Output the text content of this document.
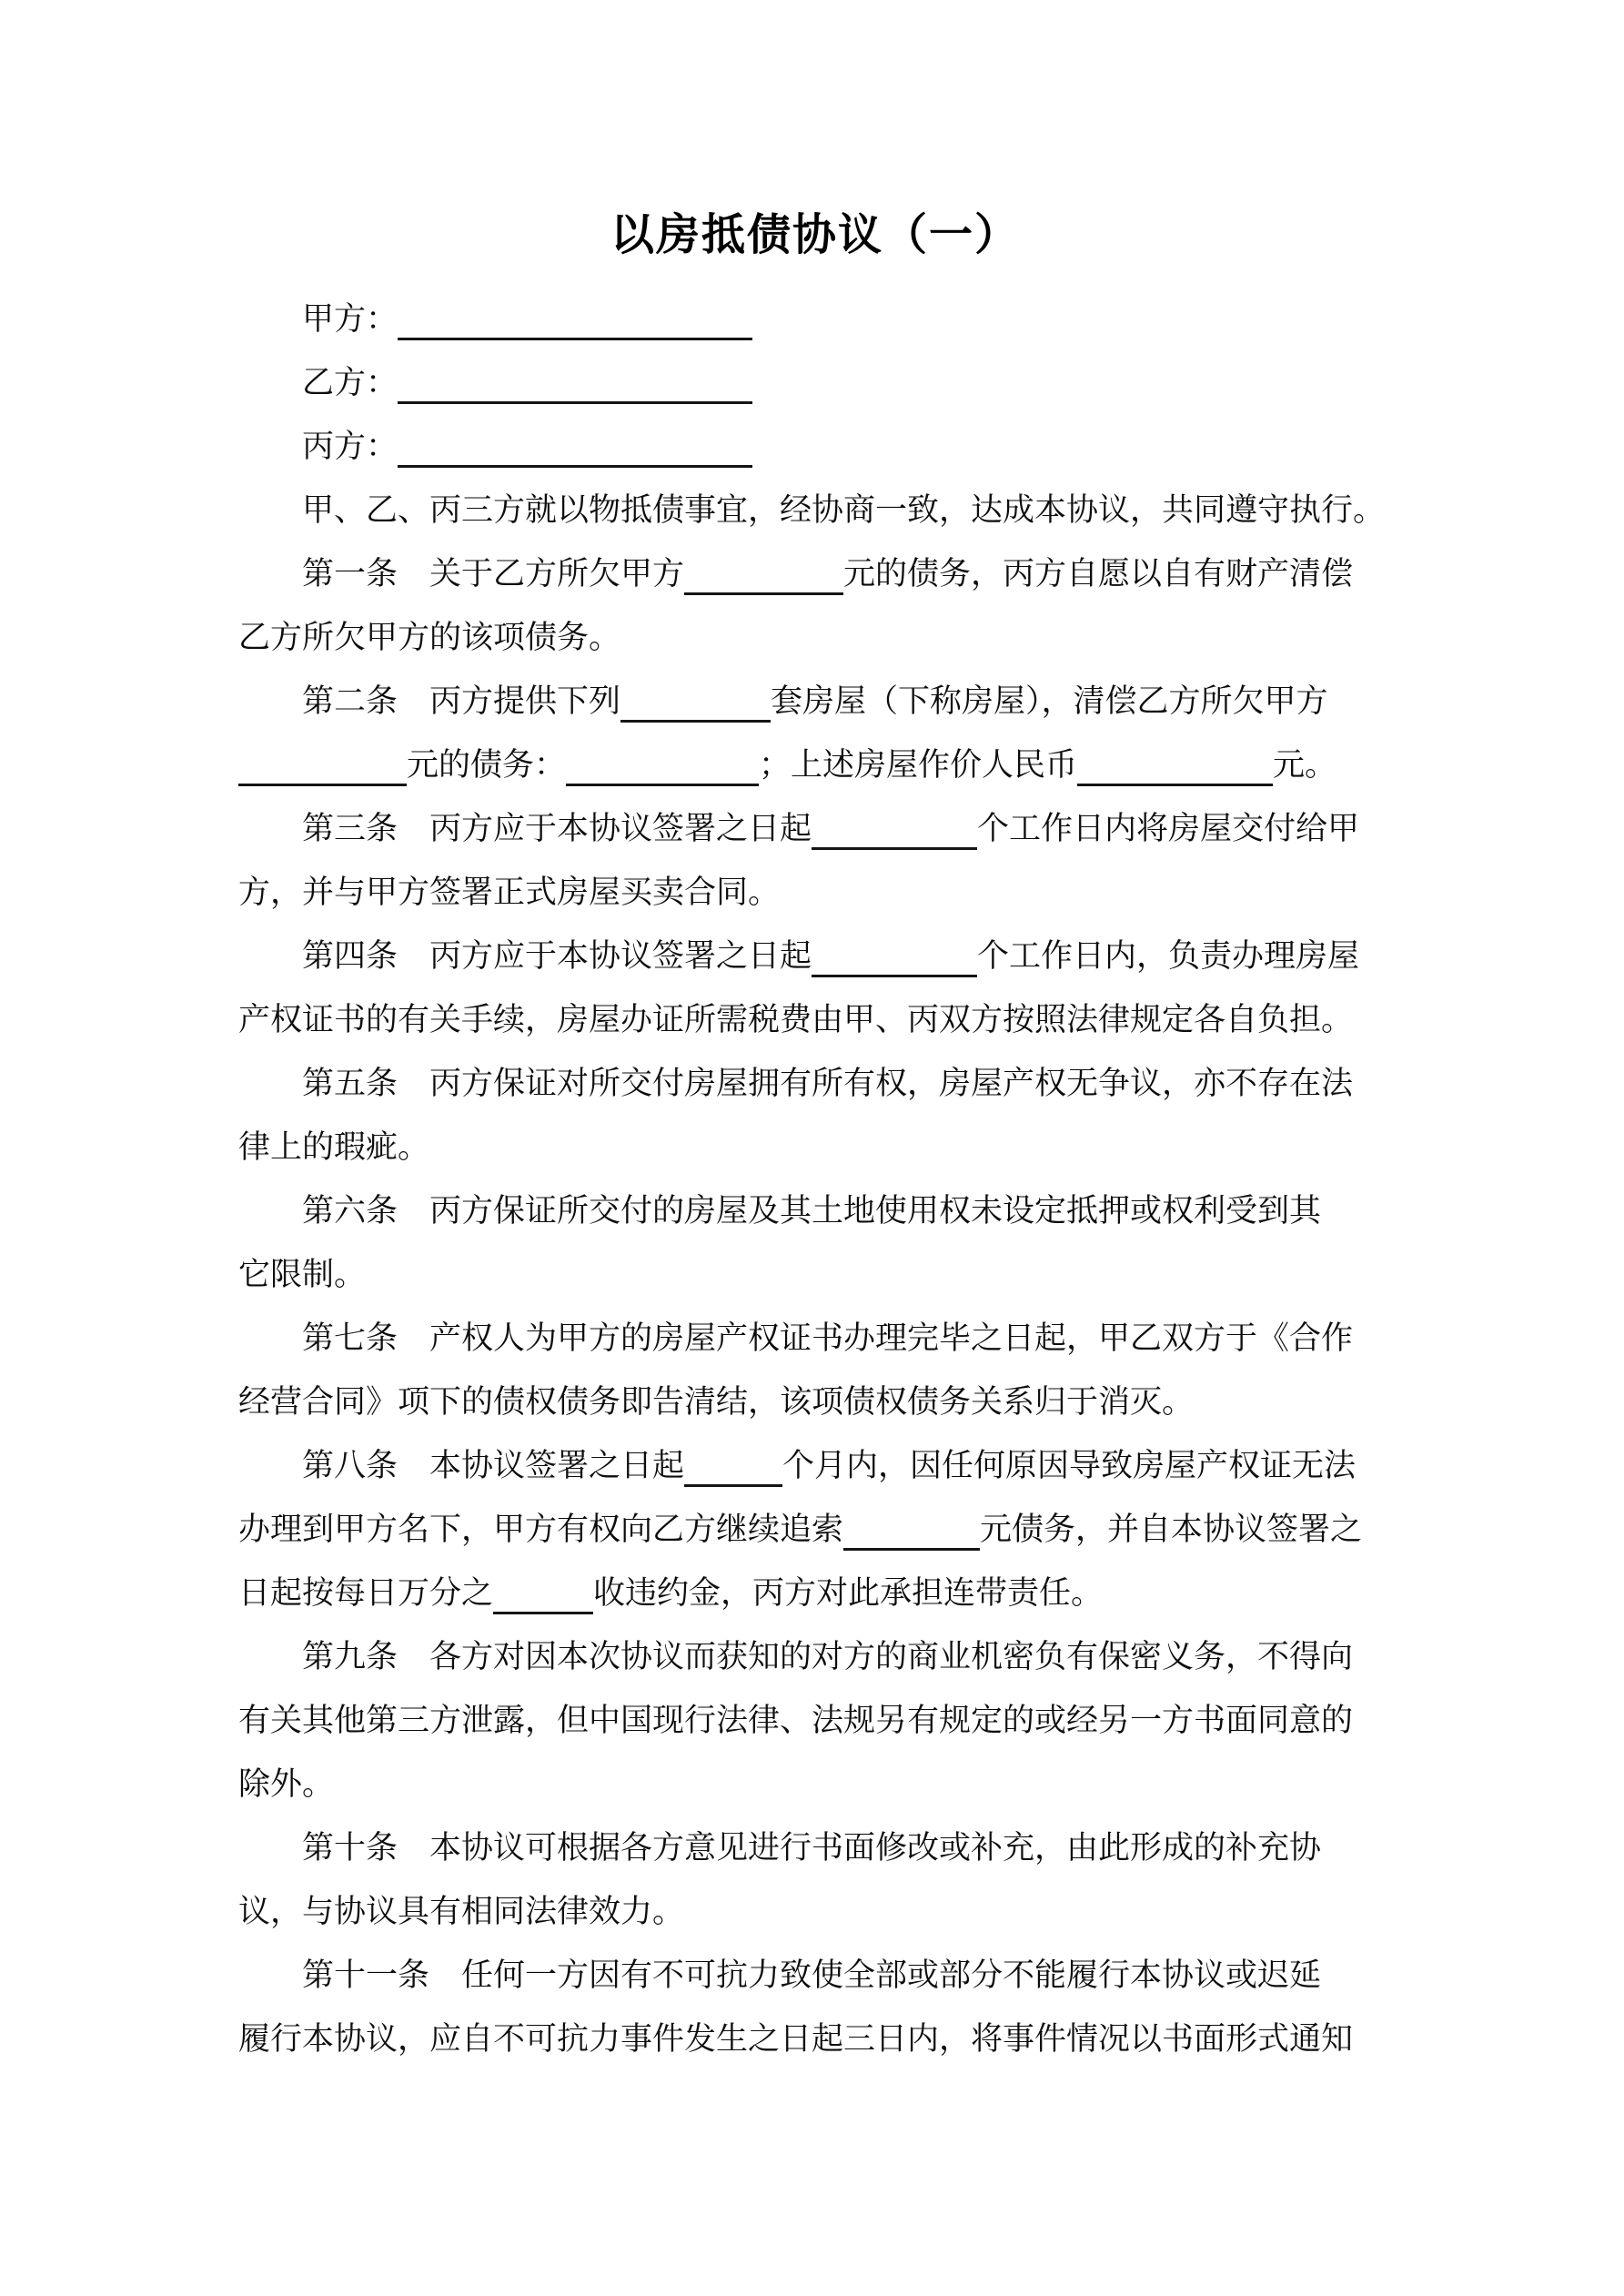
以房抵债协议（一）
甲方：
乙方：
丙方：
甲、乙、丙三方就以物抵债事宜，经协商一致，达成本协议，共同遵守执行。
第一条　关于乙方所欠甲方	元的债务，丙方自愿以自有财产清偿
乙方所欠甲方的该项债务。
第二条　丙方提供下列	套房屋（下称房屋），清偿乙方所欠甲方
元的债务：	；上述房屋作价人民币	元。
第三条　丙方应于本协议签署之日起	个工作日内将房屋交付给甲
方，并与甲方签署正式房屋买卖合同。
第四条　丙方应于本协议签署之日起	个工作日内，负责办理房屋
产权证书的有关手续，房屋办证所需税费由甲、丙双方按照法律规定各自负担。
第五条　丙方保证对所交付房屋拥有所有权，房屋产权无争议，亦不存在法
律上的瑕疵。
第六条　丙方保证所交付的房屋及其土地使用权未设定抵押或权利受到其
它限制。
第七条　产权人为甲方的房屋产权证书办理完毕之日起，甲乙双方于《合作
经营合同》项下的债权债务即告清结，该项债权债务关系归于消灭。
第八条　本协议签署之日起	个月内，因任何原因导致房屋产权证无法
办理到甲方名下，甲方有权向乙方继续追索	元债务，并自本协议签署之
日起按每日万分之	收违约金，丙方对此承担连带责任。
第九条　各方对因本次协议而获知的对方的商业机密负有保密义务，不得向
有关其他第三方泄露，但中国现行法律、法规另有规定的或经另一方书面同意的
除外。
第十条　本协议可根据各方意见进行书面修改或补充，由此形成的补充协
议，与协议具有相同法律效力。
第十一条　任何一方因有不可抗力致使全部或部分不能履行本协议或迟延
履行本协议，应自不可抗力事件发生之日起三日内，将事件情况以书面形式通知
